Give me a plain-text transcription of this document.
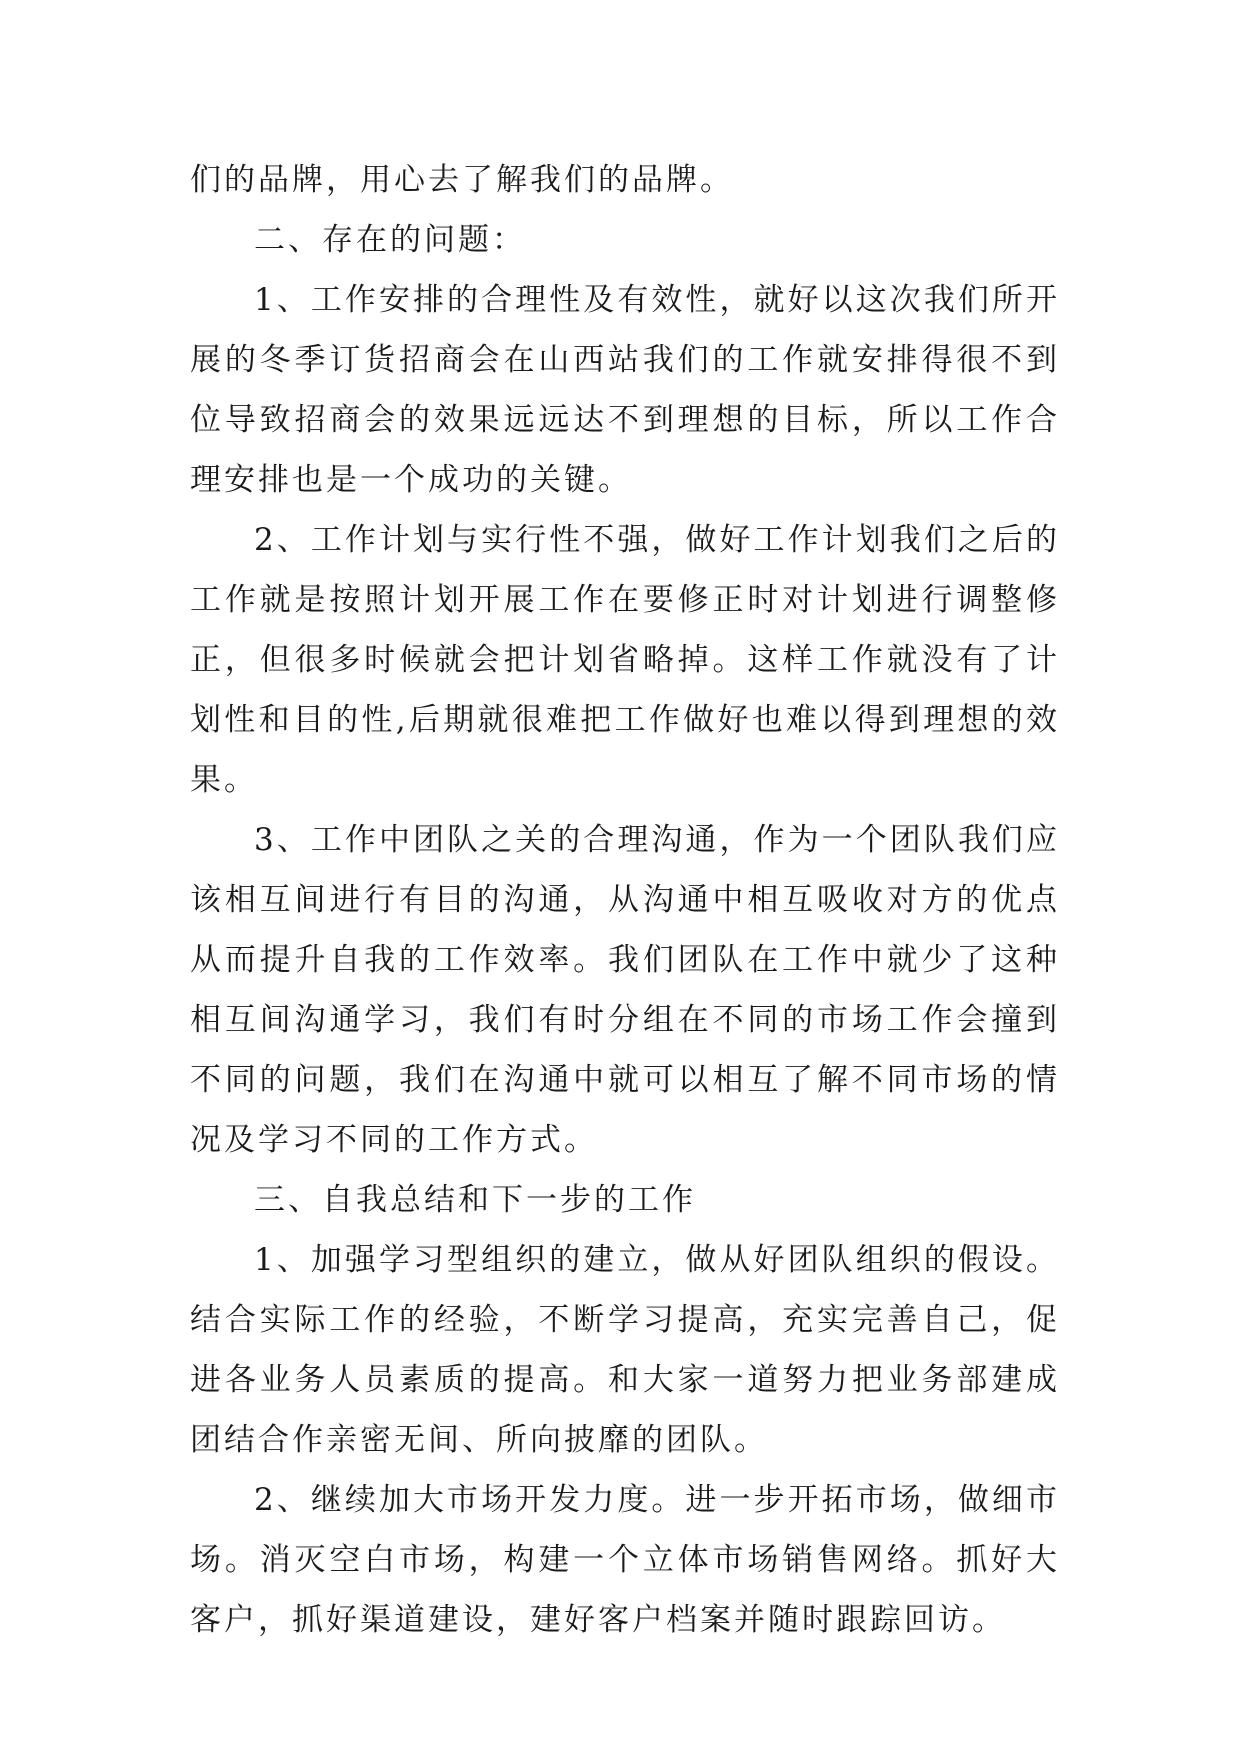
们的品牌，用心去了解我们的品牌。

二、存在的问题：

1、工作安排的合理性及有效性，就好以这次我们所开展的冬季订货招商会在山西站我们的工作就安排得很不到位导致招商会的效果远远达不到理想的目标，所以工作合理安排也是一个成功的关键。

2、工作计划与实行性不强，做好工作计划我们之后的工作就是按照计划开展工作在要修正时对计划进行调整修正，但很多时候就会把计划省略掉。这样工作就没有了计划性和目的性,后期就很难把工作做好也难以得到理想的效果。

3、工作中团队之关的合理沟通，作为一个团队我们应该相互间进行有目的沟通，从沟通中相互吸收对方的优点从而提升自我的工作效率。我们团队在工作中就少了这种相互间沟通学习，我们有时分组在不同的市场工作会撞到不同的问题，我们在沟通中就可以相互了解不同市场的情况及学习不同的工作方式。

三、自我总结和下一步的工作

1、加强学习型组织的建立，做从好团队组织的假设。结合实际工作的经验，不断学习提高，充实完善自己，促进各业务人员素质的提高。和大家一道努力把业务部建成团结合作亲密无间、所向披靡的团队。

2、继续加大市场开发力度。进一步开拓市场，做细市场。消灭空白市场，构建一个立体市场销售网络。抓好大客户，抓好渠道建设，建好客户档案并随时跟踪回访。
